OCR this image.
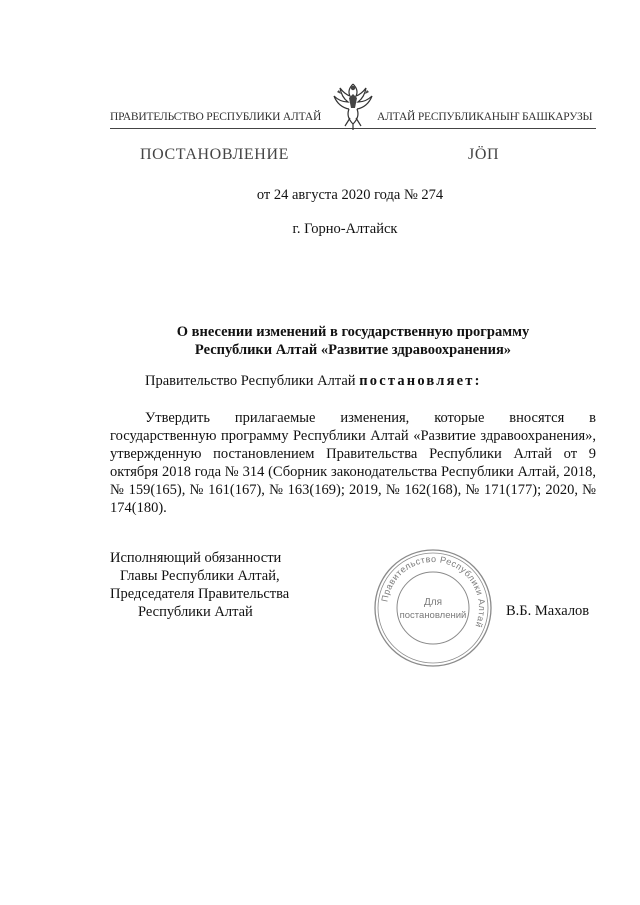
ПРАВИТЕЛЬСТВО РЕСПУБЛИКИ АЛТАЙ	АЛТАЙ РЕСПУБЛИКАНЫҤ БАШКАРУЗЫ
ПОСТАНОВЛЕНИЕ	ЈӦП
от 24 августа 2020 года № 274
г. Горно-Алтайск
О внесении изменений в государственную программу
Республики Алтай «Развитие здравоохранения»
Правительство Республики Алтай постановляет:

Утвердить прилагаемые изменения, которые вносятся в государственную программу Республики Алтай «Развитие здравоохранения», утвержденную постановлением Правительства Республики Алтай от 9 октября 2018 года № 314 (Сборник законодательства Республики Алтай, 2018, № 159(165), № 161(167), № 163(169); 2019, № 162(168), № 171(177); 2020, № 174(180).

Исполняющий обязанности
Главы Республики Алтай,
Председателя Правительства
Республики Алтай
Правительство Республики Алтай
Для
постановлений	В.Б. Махалов
